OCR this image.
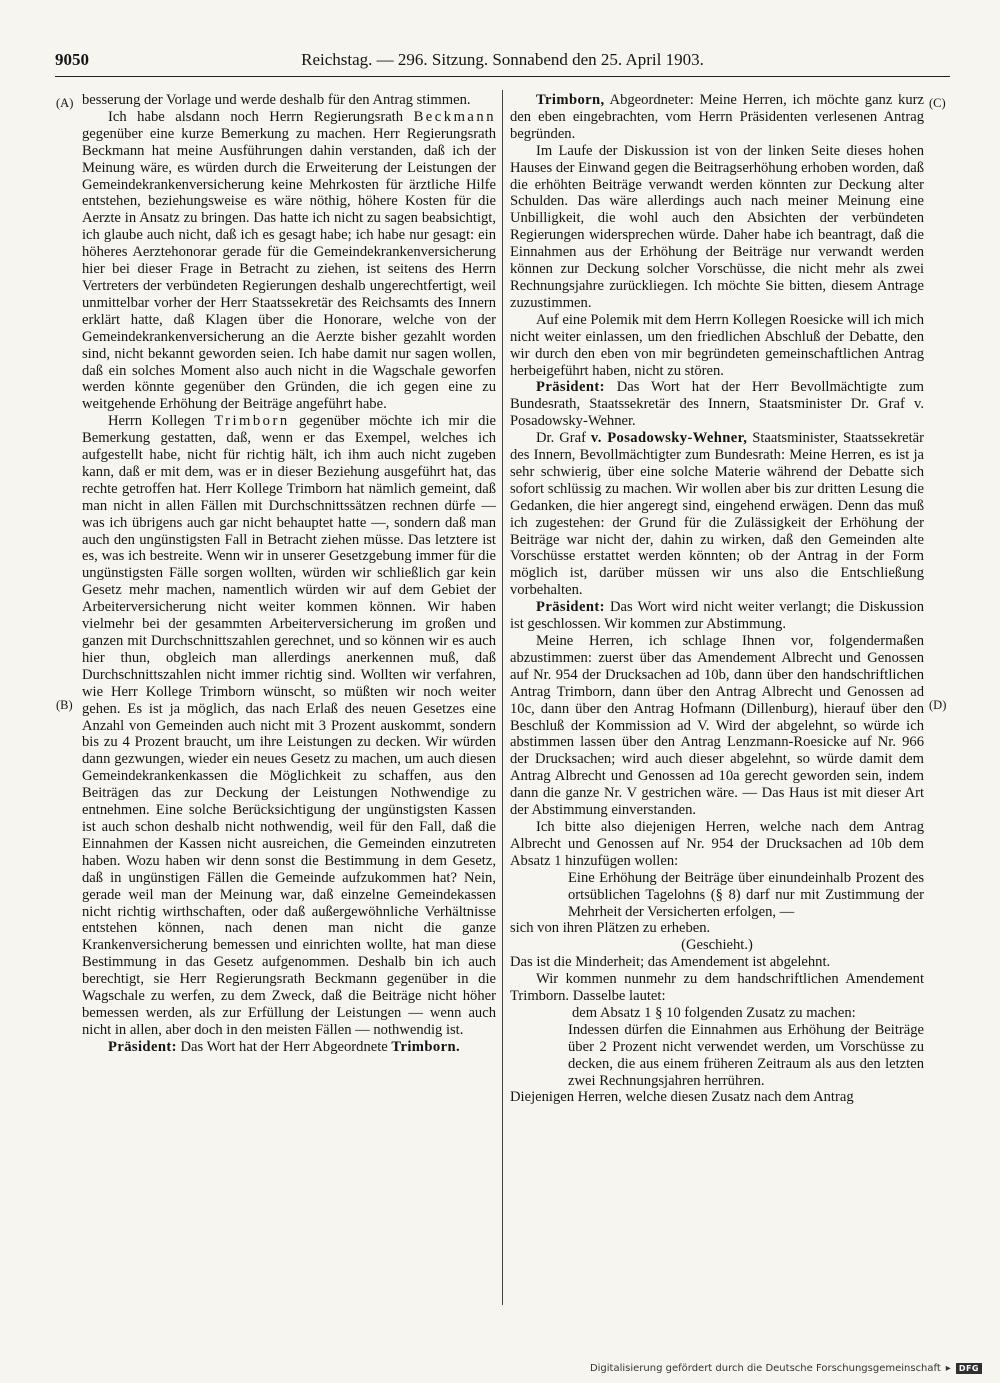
9050	Reichstag. — 296. Sitzung. Sonnabend den 25. April 1903.
(A)
(B)
(C)
(D)

besserung der Vorlage und werde deshalb für den Antrag stimmen.

Ich habe alsdann noch Herrn Regierungsrath Beckmann gegenüber eine kurze Bemerkung zu machen. Herr Regierungsrath Beckmann hat meine Ausführungen dahin verstanden, daß ich der Meinung wäre, es würden durch die Erweiterung der Leistungen der Gemeindekrankenversicherung keine Mehrkosten für ärztliche Hilfe entstehen, beziehungsweise es wäre nöthig, höhere Kosten für die Aerzte in Ansatz zu bringen. Das hatte ich nicht zu sagen beabsichtigt, ich glaube auch nicht, daß ich es gesagt habe; ich habe nur gesagt: ein höheres Aerztehonorar gerade für die Gemeindekrankenversicherung hier bei dieser Frage in Betracht zu ziehen, ist seitens des Herrn Vertreters der verbündeten Regierungen deshalb ungerechtfertigt, weil unmittelbar vorher der Herr Staatssekretär des Reichsamts des Innern erklärt hatte, daß Klagen über die Honorare, welche von der Gemeindekrankenversicherung an die Aerzte bisher gezahlt worden sind, nicht bekannt geworden seien. Ich habe damit nur sagen wollen, daß ein solches Moment also auch nicht in die Wagschale geworfen werden könnte gegenüber den Gründen, die ich gegen eine zu weitgehende Erhöhung der Beiträge angeführt habe.

Herrn Kollegen Trimborn gegenüber möchte ich mir die Bemerkung gestatten, daß, wenn er das Exempel, welches ich aufgestellt habe, nicht für richtig hält, ich ihm auch nicht zugeben kann, daß er mit dem, was er in dieser Beziehung ausgeführt hat, das rechte getroffen hat. Herr Kollege Trimborn hat nämlich gemeint, daß man nicht in allen Fällen mit Durchschnittssätzen rechnen dürfe — was ich übrigens auch gar nicht behauptet hatte —, sondern daß man auch den ungünstigsten Fall in Betracht ziehen müsse. Das letztere ist es, was ich bestreite. Wenn wir in unserer Gesetzgebung immer für die ungünstigsten Fälle sorgen wollten, würden wir schließlich gar kein Gesetz mehr machen, namentlich würden wir auf dem Gebiet der Arbeiterversicherung nicht weiter kommen können. Wir haben vielmehr bei der gesammten Arbeiterversicherung im großen und ganzen mit Durchschnittszahlen gerechnet, und so können wir es auch hier thun, obgleich man allerdings anerkennen muß, daß Durchschnittszahlen nicht immer richtig sind. Wollten wir verfahren, wie Herr Kollege Trimborn wünscht, so müßten wir noch weiter gehen. Es ist ja möglich, das nach Erlaß des neuen Gesetzes eine Anzahl von Gemeinden auch nicht mit 3 Prozent auskommt, sondern bis zu 4 Prozent braucht, um ihre Leistungen zu decken. Wir würden dann gezwungen, wieder ein neues Gesetz zu machen, um auch diesen Gemeindekrankenkassen die Möglichkeit zu schaffen, aus den Beiträgen das zur Deckung der Leistungen Nothwendige zu entnehmen. Eine solche Berücksichtigung der ungünstigsten Kassen ist auch schon deshalb nicht nothwendig, weil für den Fall, daß die Einnahmen der Kassen nicht ausreichen, die Gemeinden einzutreten haben. Wozu haben wir denn sonst die Bestimmung in dem Gesetz, daß in ungünstigen Fällen die Gemeinde aufzukommen hat? Nein, gerade weil man der Meinung war, daß einzelne Gemeindekassen nicht richtig wirthschaften, oder daß außergewöhnliche Verhältnisse entstehen können, nach denen man nicht die ganze Krankenversicherung bemessen und einrichten wollte, hat man diese Bestimmung in das Gesetz aufgenommen. Deshalb bin ich auch berechtigt, sie Herr Regierungsrath Beckmann gegenüber in die Wagschale zu werfen, zu dem Zweck, daß die Beiträge nicht höher bemessen werden, als zur Erfüllung der Leistungen — wenn auch nicht in allen, aber doch in den meisten Fällen — nothwendig ist.

Präsident: Das Wort hat der Herr Abgeordnete Trimborn.

Trimborn, Abgeordneter: Meine Herren, ich möchte ganz kurz den eben eingebrachten, vom Herrn Präsidenten verlesenen Antrag begründen.

Im Laufe der Diskussion ist von der linken Seite dieses hohen Hauses der Einwand gegen die Beitragserhöhung erhoben worden, daß die erhöhten Beiträge verwandt werden könnten zur Deckung alter Schulden. Das wäre allerdings auch nach meiner Meinung eine Unbilligkeit, die wohl auch den Absichten der verbündeten Regierungen widersprechen würde. Daher habe ich beantragt, daß die Einnahmen aus der Erhöhung der Beiträge nur verwandt werden können zur Deckung solcher Vorschüsse, die nicht mehr als zwei Rechnungsjahre zurückliegen. Ich möchte Sie bitten, diesem Antrage zuzustimmen.

Auf eine Polemik mit dem Herrn Kollegen Roesicke will ich mich nicht weiter einlassen, um den friedlichen Abschluß der Debatte, den wir durch den eben von mir begründeten gemeinschaftlichen Antrag herbeigeführt haben, nicht zu stören.

Präsident: Das Wort hat der Herr Bevollmächtigte zum Bundesrath, Staatssekretär des Innern, Staatsminister Dr. Graf v. Posadowsky-Wehner.

Dr. Graf v. Posadowsky-Wehner, Staatsminister, Staatssekretär des Innern, Bevollmächtigter zum Bundesrath: Meine Herren, es ist ja sehr schwierig, über eine solche Materie während der Debatte sich sofort schlüssig zu machen. Wir wollen aber bis zur dritten Lesung die Gedanken, die hier angeregt sind, eingehend erwägen. Denn das muß ich zugestehen: der Grund für die Zulässigkeit der Erhöhung der Beiträge war nicht der, dahin zu wirken, daß den Gemeinden alte Vorschüsse erstattet werden könnten; ob der Antrag in der Form möglich ist, darüber müssen wir uns also die Entschließung vorbehalten.

Präsident: Das Wort wird nicht weiter verlangt; die Diskussion ist geschlossen. Wir kommen zur Abstimmung.

Meine Herren, ich schlage Ihnen vor, folgendermaßen abzustimmen: zuerst über das Amendement Albrecht und Genossen auf Nr. 954 der Drucksachen ad 10b, dann über den handschriftlichen Antrag Trimborn, dann über den Antrag Albrecht und Genossen ad 10c, dann über den Antrag Hofmann (Dillenburg), hierauf über den Beschluß der Kommission ad V. Wird der abgelehnt, so würde ich abstimmen lassen über den Antrag Lenzmann-Roesicke auf Nr. 966 der Drucksachen; wird auch dieser abgelehnt, so würde damit dem Antrag Albrecht und Genossen ad 10a gerecht geworden sein, indem dann die ganze Nr. V gestrichen wäre. — Das Haus ist mit dieser Art der Abstimmung einverstanden.

Ich bitte also diejenigen Herren, welche nach dem Antrag Albrecht und Genossen auf Nr. 954 der Drucksachen ad 10b dem Absatz 1 hinzufügen wollen:

Eine Erhöhung der Beiträge über einundeinhalb Prozent des ortsüblichen Tagelohns (§ 8) darf nur mit Zustimmung der Mehrheit der Versicherten erfolgen, —

sich von ihren Plätzen zu erheben.

(Geschieht.)

Das ist die Minderheit; das Amendement ist abgelehnt.

Wir kommen nunmehr zu dem handschriftlichen Amendement Trimborn. Dasselbe lautet:

dem Absatz 1 § 10 folgenden Zusatz zu machen:

Indessen dürfen die Einnahmen aus Erhöhung der Beiträge über 2 Prozent nicht verwendet werden, um Vorschüsse zu decken, die aus einem früheren Zeitraum als aus den letzten zwei Rechnungsjahren herrühren.

Diejenigen Herren, welche diesen Zusatz nach dem Antrag

Digitalisierung gefördert durch die Deutsche Forschungsgemeinschaft ▸	DFG
